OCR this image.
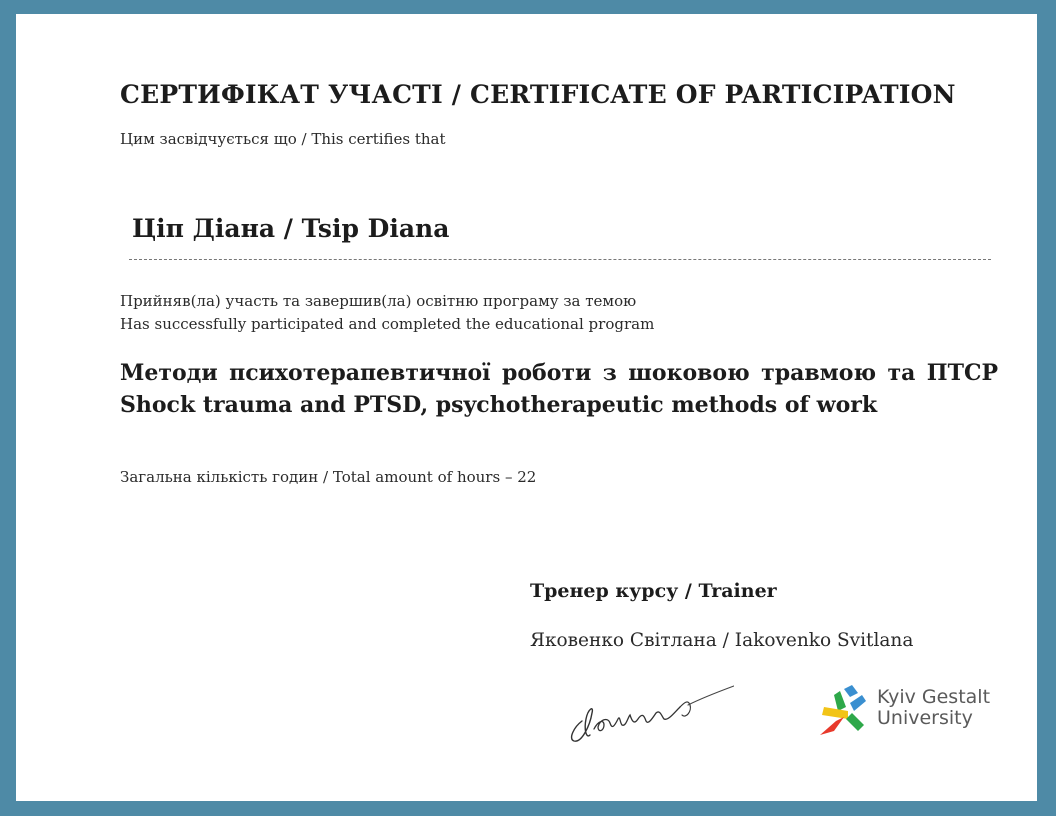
СЕРТИФІКАТ УЧАСТІ / CERTIFICATE OF PARTICIPATION

Цим засвідчується що / This certifies that

Ціп Діана / Tsip Diana

Прийняв(ла) участь та завершив(ла) освітню програму за темою
Has successfully participated and completed the educational program

Методи психотерапевтичної роботи з шоковою травмою та ПТСР Shock trauma and PTSD, psychotherapeutic methods of work

Загальна кількість годин / Total amount of hours – 22

Тренер курсу / Trainer

Яковенко Світлана / Iakovenko Svitlana

Kyiv Gestalt
University
